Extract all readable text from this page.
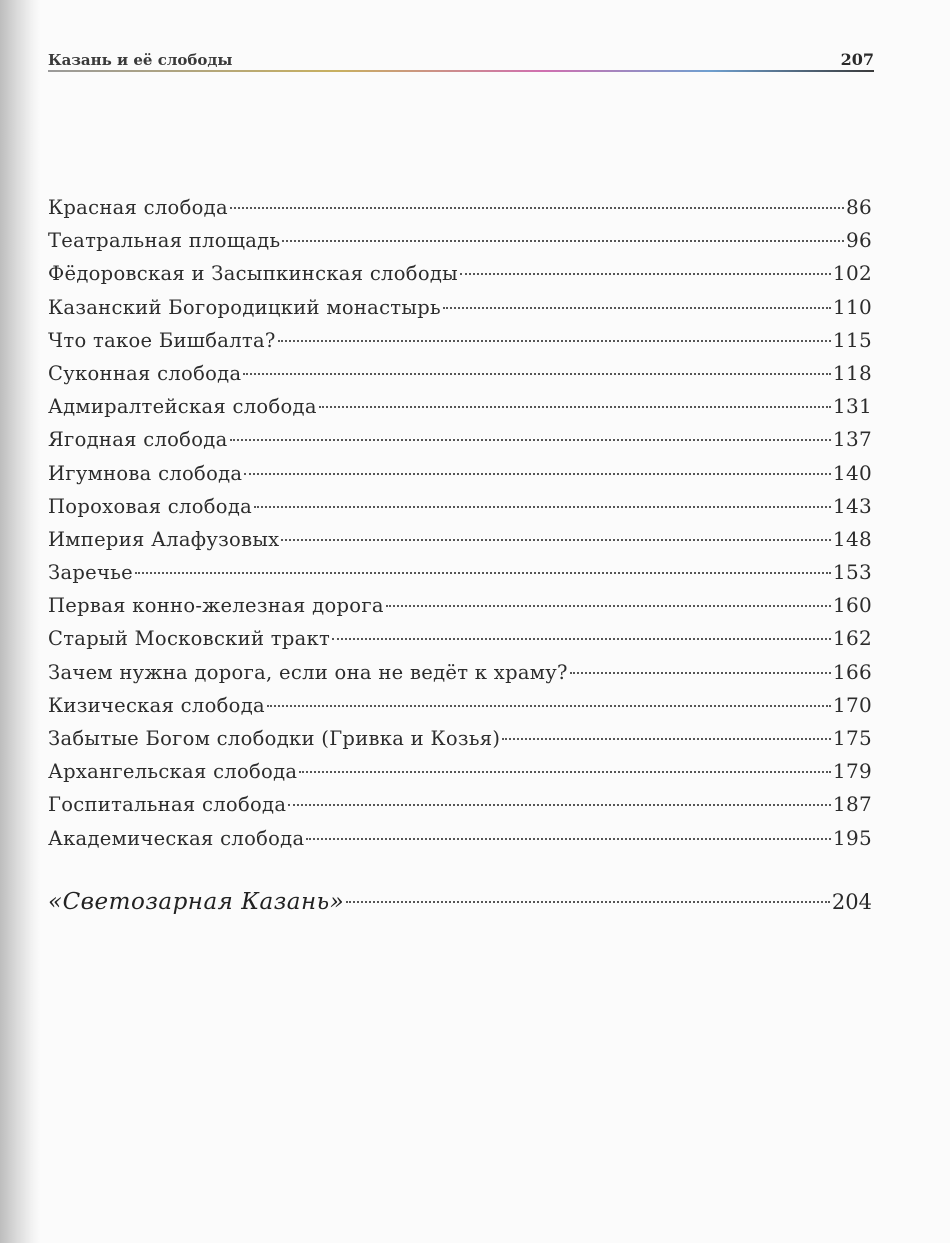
Казань и её слободы	207
Красная слобода	86
Театральная площадь	96
Фёдоровская и Засыпкинская слободы	102
Казанский Богородицкий монастырь	110
Что такое Бишбалта?	115
Суконная слобода	118
Адмиралтейская слобода	131
Ягодная слобода	137
Игумнова слобода	140
Пороховая слобода	143
Империя Алафузовых	148
Заречье	153
Первая конно-железная дорога	160
Старый Московский тракт	162
Зачем нужна дорога, если она не ведёт к храму?	166
Кизическая слобода	170
Забытые Богом слободки (Гривка и Козья)	175
Архангельская слобода	179
Госпитальная слобода	187
Академическая слобода	195
«Светозарная Казань»	204
